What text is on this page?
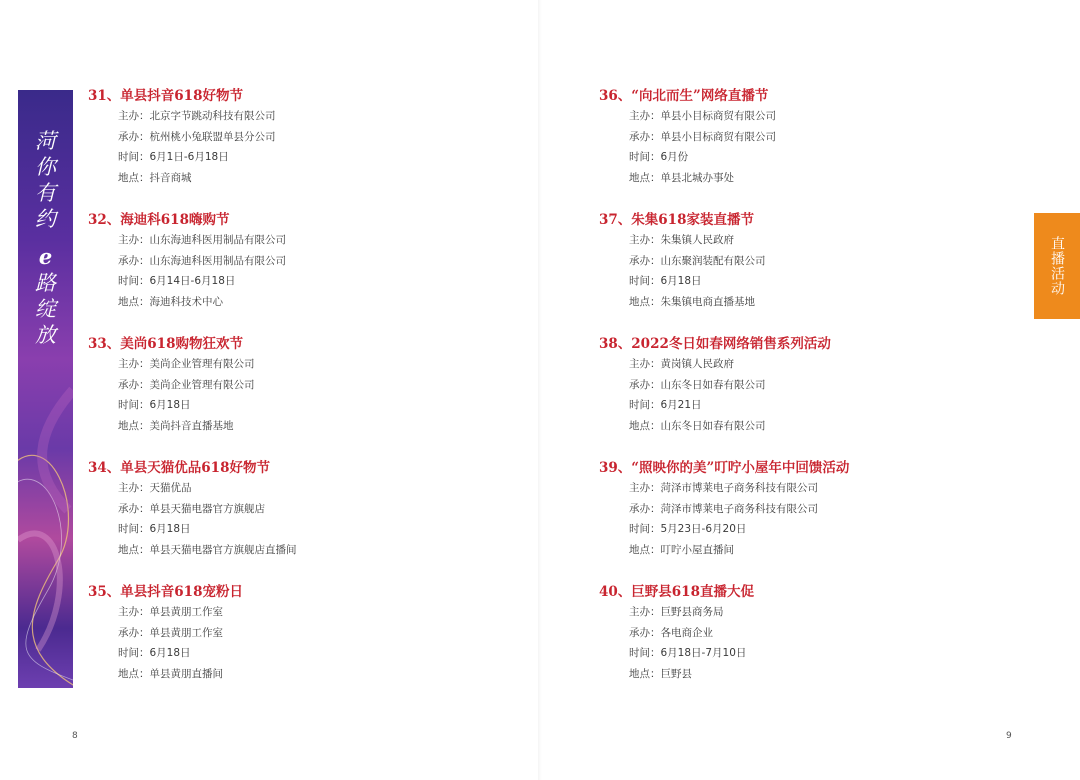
菏
你
有
约
e
路
绽
放
31、单县抖音618好物节
主办：北京字节跳动科技有限公司
承办：杭州桃小兔联盟单县分公司
时间：6月1日-6月18日
地点：抖音商城
32、海迪科618嗨购节
主办：山东海迪科医用制品有限公司
承办：山东海迪科医用制品有限公司
时间：6月14日-6月18日
地点：海迪科技术中心
33、美尚618购物狂欢节
主办：美尚企业管理有限公司
承办：美尚企业管理有限公司
时间：6月18日
地点：美尚抖音直播基地
34、单县天猫优品618好物节
主办：天猫优品
承办：单县天猫电器官方旗舰店
时间：6月18日
地点：单县天猫电器官方旗舰店直播间
35、单县抖音618宠粉日
主办：单县黄朋工作室
承办：单县黄朋工作室
时间：6月18日
地点：单县黄朋直播间
8
直播活动
36、“向北而生”网络直播节
主办：单县小目标商贸有限公司
承办：单县小目标商贸有限公司
时间：6月份
地点：单县北城办事处
37、朱集618家装直播节
主办：朱集镇人民政府
承办：山东聚润装配有限公司
时间：6月18日
地点：朱集镇电商直播基地
38、2022冬日如春网络销售系列活动
主办：黄岗镇人民政府
承办：山东冬日如春有限公司
时间：6月21日
地点：山东冬日如春有限公司
39、“照映你的美”叮咛小屋年中回馈活动
主办：菏泽市博莱电子商务科技有限公司
承办：菏泽市博莱电子商务科技有限公司
时间：5月23日-6月20日
地点：叮咛小屋直播间
40、巨野县618直播大促
主办：巨野县商务局
承办：各电商企业
时间：6月18日-7月10日
地点：巨野县
9
